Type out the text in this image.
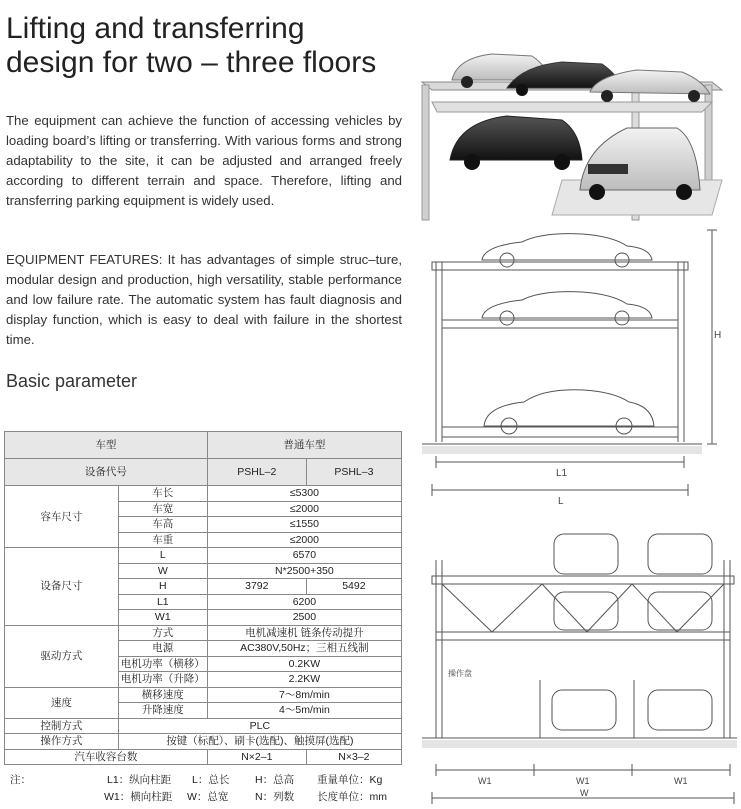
Lifting and transferring
design for two – three floors

The equipment can achieve the function of accessing vehicles by loading board’s lifting or transferring. With various forms and strong adaptability to the site, it can be adjusted and arranged freely according to different terrain and space. Therefore, lifting and transferring parking equipment is widely used.

EQUIPMENT FEATURES: It has advantages of simple struc–ture, modular design and production, high versatility, stable performance and low failure rate. The automatic system has fault diagnosis and display function, which is easy to deal with failure in the shortest time.

Basic parameter
车型		普通车型	
设备代号		PSHL–2	PSHL–3
容车尺寸	车长	≤5300	
	车宽	≤2000	
	车高	≤1550	
	车重	≤2000	
设备尺寸	L	6570	
	W	N*2500+350	
	H	3792	5492
	L1	6200	
	W1	2500	
驱动方式	方式	电机减速机 链条传动提升	
	电源	AC380V,50Hz；三相五线制	
	电机功率（横移）	0.2KW	
	电机功率（升降）	2.2KW	
速度	横移速度	7～8m/min	
	升降速度	4～5m/min	
控制方式	PLC		
操作方式	按键（标配）、刷卡(选配)、触摸屏(选配)		
汽车收容台数		N×2–1	N×3–2
注：	L1：纵向柱距 L：总长 H：总高 重量单位：Kg
W1：横向柱距 W：总宽	N：列数 长度单位：mm
H
L1
L
操作盘
W1	W1	W1
W
